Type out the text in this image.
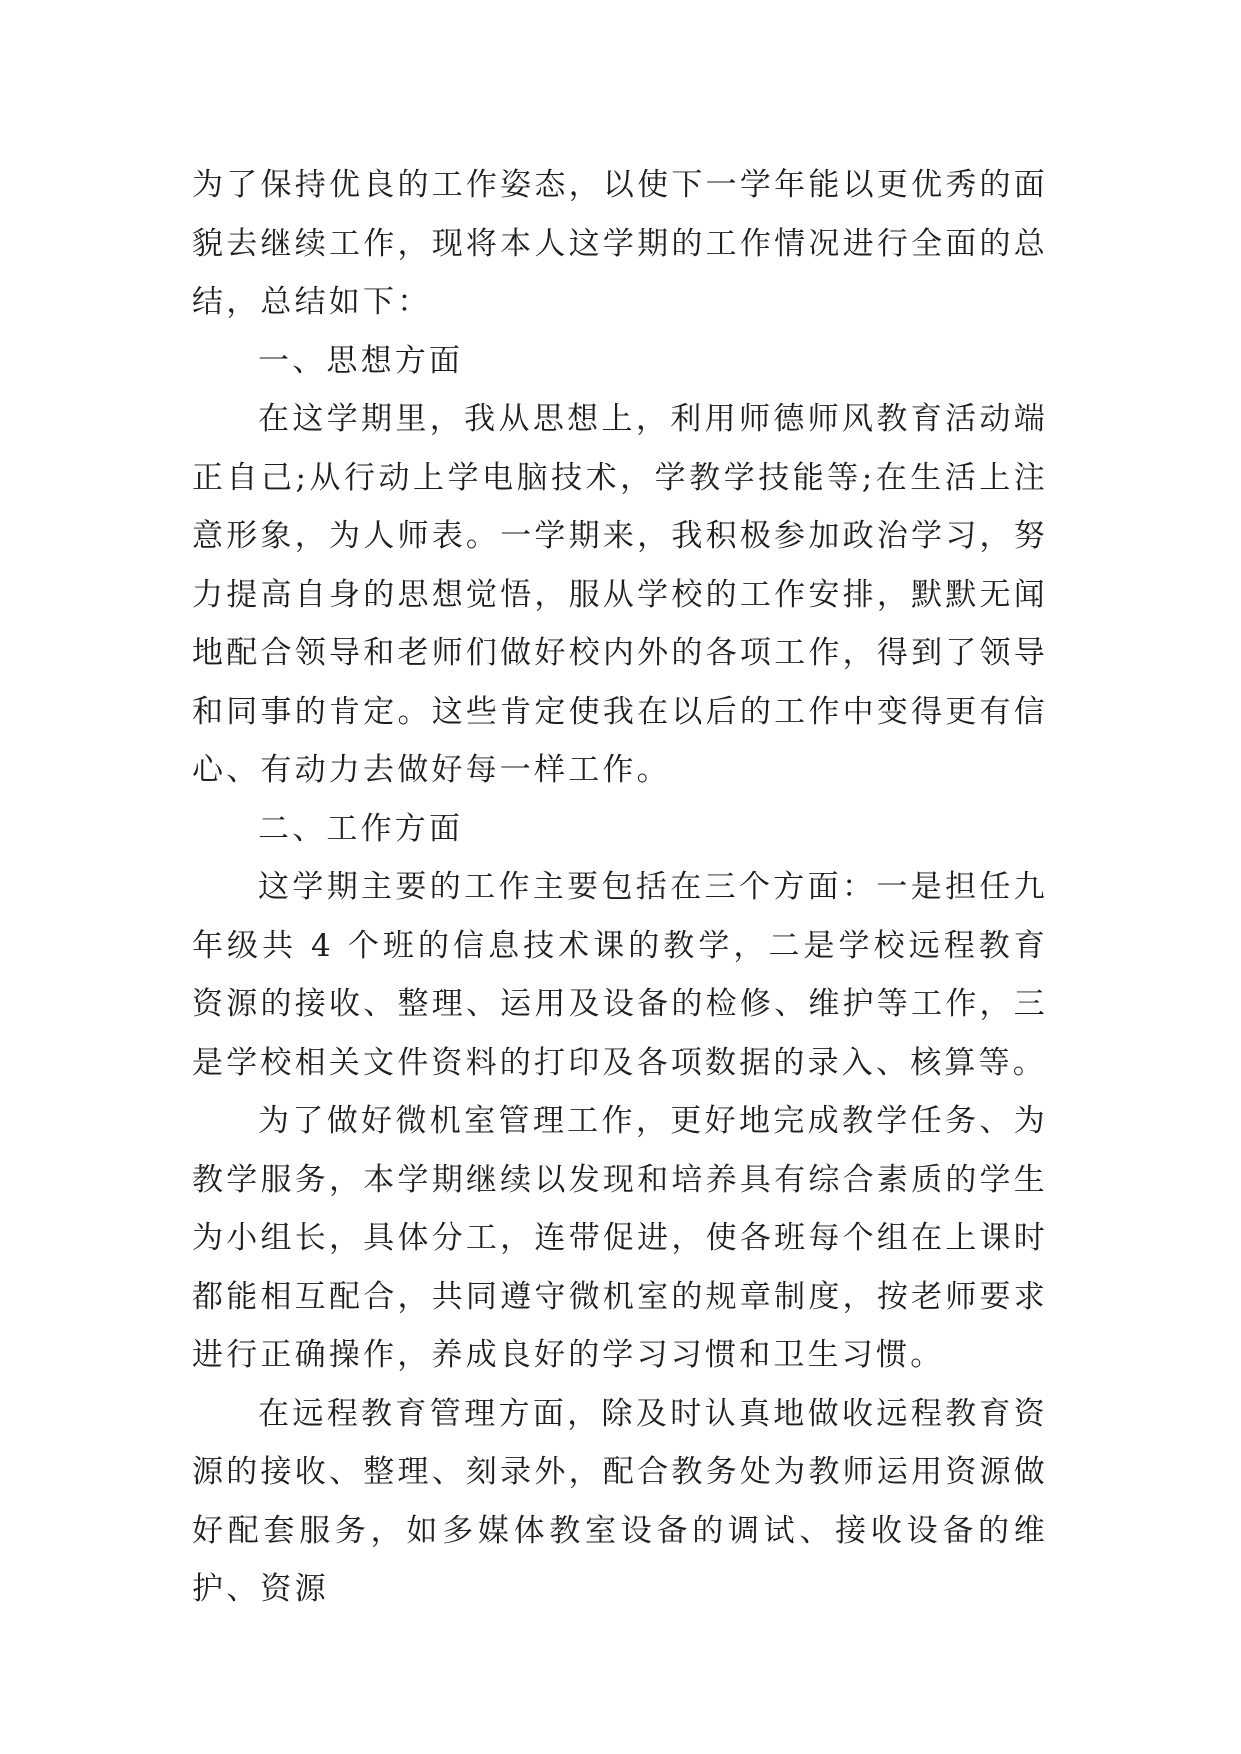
为了保持优良的工作姿态，以使下一学年能以更优秀的面貌去继续工作，现将本人这学期的工作情况进行全面的总结，总结如下：

一、思想方面

在这学期里，我从思想上，利用师德师风教育活动端正自己;从行动上学电脑技术，学教学技能等;在生活上注意形象，为人师表。一学期来，我积极参加政治学习，努力提高自身的思想觉悟，服从学校的工作安排，默默无闻地配合领导和老师们做好校内外的各项工作，得到了领导和同事的肯定。这些肯定使我在以后的工作中变得更有信心、有动力去做好每一样工作。

二、工作方面

这学期主要的工作主要包括在三个方面：一是担任九年级共 4 个班的信息技术课的教学，二是学校远程教育资源的接收、整理、运用及设备的检修、维护等工作，三是学校相关文件资料的打印及各项数据的录入、核算等。

为了做好微机室管理工作，更好地完成教学任务、为教学服务，本学期继续以发现和培养具有综合素质的学生为小组长，具体分工，连带促进，使各班每个组在上课时都能相互配合，共同遵守微机室的规章制度，按老师要求进行正确操作，养成良好的学习习惯和卫生习惯。

在远程教育管理方面，除及时认真地做收远程教育资源的接收、整理、刻录外，配合教务处为教师运用资源做好配套服务，如多媒体教室设备的调试、接收设备的维护、资源
